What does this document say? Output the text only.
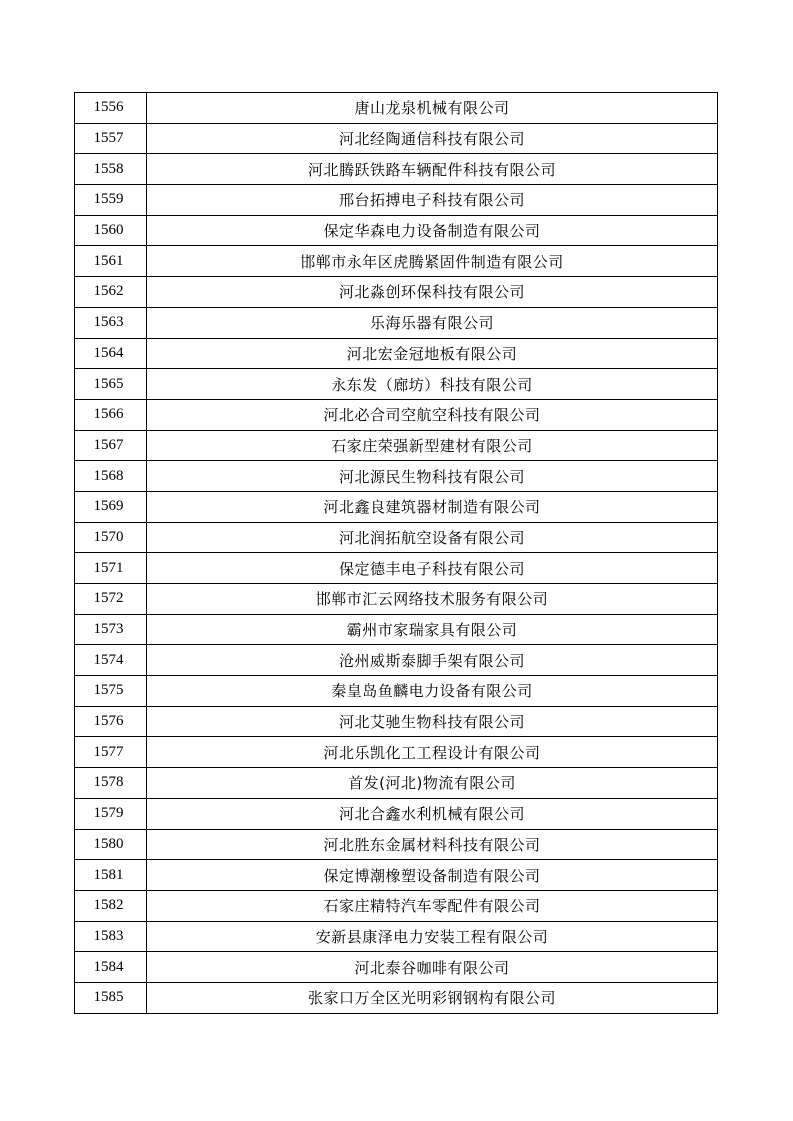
1556	唐山龙泉机械有限公司
1557	河北经陶通信科技有限公司
1558	河北腾跃铁路车辆配件科技有限公司
1559	邢台拓搏电子科技有限公司
1560	保定华森电力设备制造有限公司
1561	邯郸市永年区虎腾紧固件制造有限公司
1562	河北淼创环保科技有限公司
1563	乐海乐器有限公司
1564	河北宏金冠地板有限公司
1565	永东发（廊坊）科技有限公司
1566	河北必合司空航空科技有限公司
1567	石家庄荣强新型建材有限公司
1568	河北源民生物科技有限公司
1569	河北鑫良建筑器材制造有限公司
1570	河北润拓航空设备有限公司
1571	保定德丰电子科技有限公司
1572	邯郸市汇云网络技术服务有限公司
1573	霸州市家瑞家具有限公司
1574	沧州威斯泰脚手架有限公司
1575	秦皇岛鱼麟电力设备有限公司
1576	河北艾驰生物科技有限公司
1577	河北乐凯化工工程设计有限公司
1578	首发(河北)物流有限公司
1579	河北合鑫水利机械有限公司
1580	河北胜东金属材料科技有限公司
1581	保定博潮橡塑设备制造有限公司
1582	石家庄精特汽车零配件有限公司
1583	安新县康泽电力安装工程有限公司
1584	河北泰谷咖啡有限公司
1585	张家口万全区光明彩钢钢构有限公司
